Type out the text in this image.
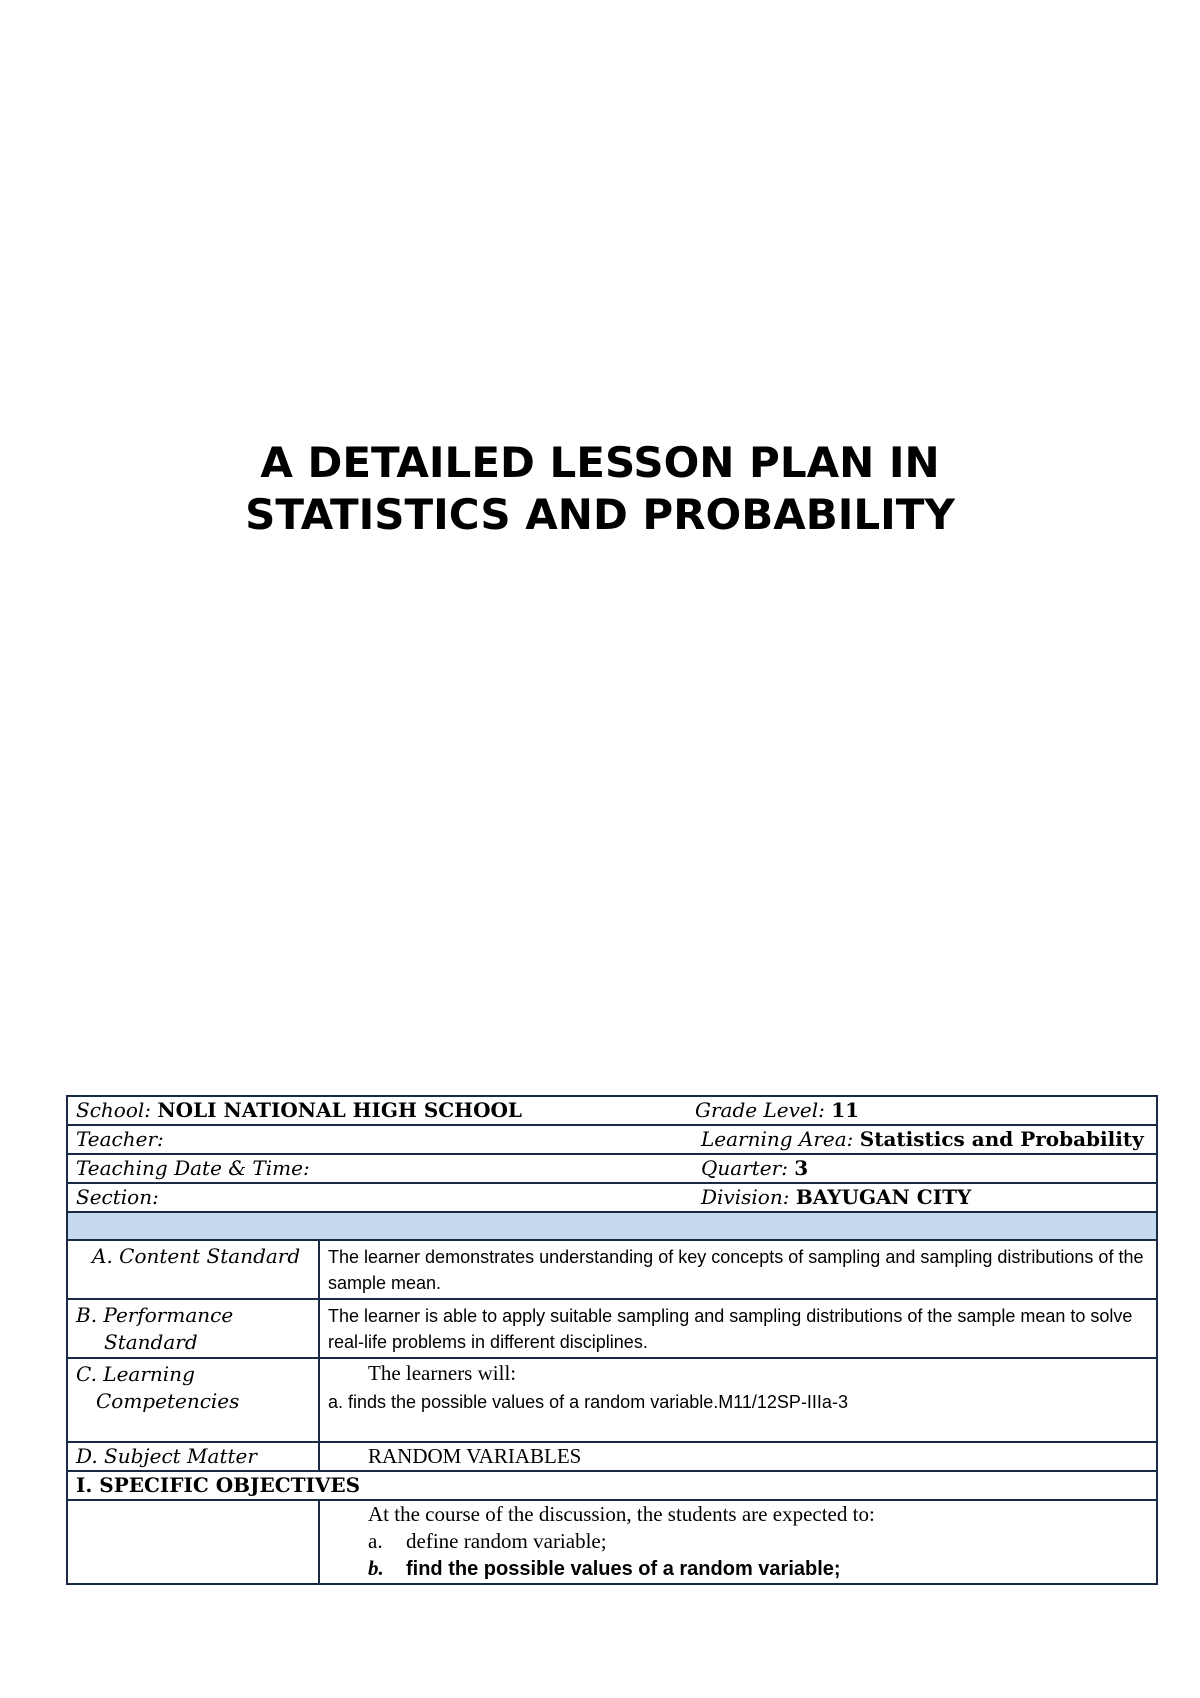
A DETAILED LESSON PLAN IN
STATISTICS AND PROBABILITY
School: NOLI NATIONAL HIGH SCHOOL Grade Level: 11	

Teacher: Learning Area: Statistics and Probability	

Teaching Date & Time: Quarter: 3	

Section: Division: BAYUGAN CITY	

A. Content Standard	The learner demonstrates understanding of key concepts of sampling and sampling distributions of the sample mean.
B. Performance
Standard	The learner is able to apply suitable sampling and sampling distributions of the sample mean to solve real-life problems in different disciplines.
C. Learning
Competencies	The learners will:
a. finds the possible values of a random variable.M11/12SP-IIIa-3

D. Subject Matter	RANDOM VARIABLES

I. SPECIFIC OBJECTIVES	

	At the course of the discussion, the students are expected to:
a. define random variable;
b. find the possible values of a random variable;
